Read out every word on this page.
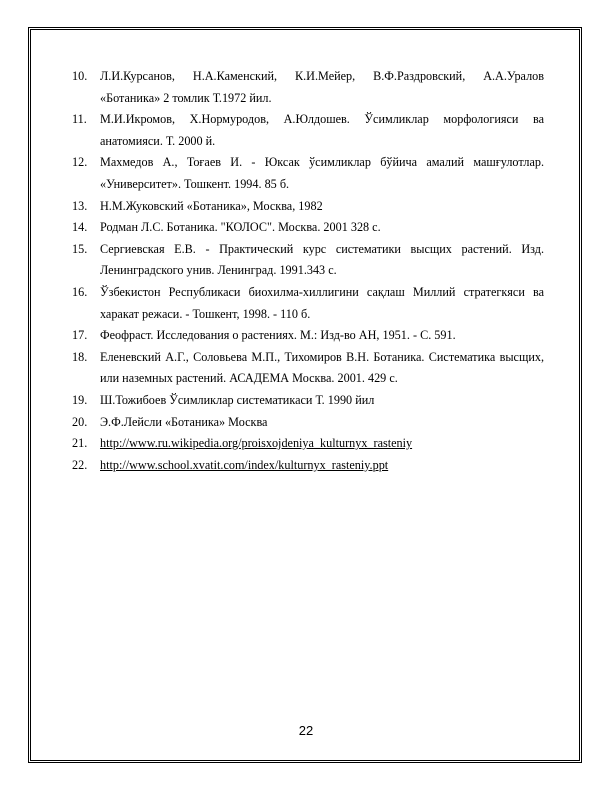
10.	Л.И.Курсанов, Н.А.Каменский, К.И.Мейер, В.Ф.Раздровский, А.А.Уралов «Ботаника» 2 томлик Т.1972 йил.
11.	М.И.Икромов, Х.Нормуродов, А.Юлдошев. Ўсимликлар морфологияси ва анатомияси. Т. 2000 й.
12.	Махмедов А., Тоғаев И. - Юксак ўсимликлар бўйича амалий машғулотлар. «Университет». Тошкент. 1994. 85 б.
13.	Н.М.Жуковский «Ботаника», Москва, 1982
14.	Родман Л.С. Ботаника. "КОЛОС". Москва. 2001 328 с.
15.	Сергиевская Е.В. - Практический курс систематики высщих растений. Изд. Ленинградского унив. Ленинград. 1991.343 с.
16.	Ўзбекистон Республикаси биохилма-хиллигини сақлаш Миллий стратегкяси ва харакат режаси. - Тошкент, 1998. - 110 б.
17.	Феофраст. Исследования о растениях. М.: Изд-во АН, 1951. - С. 591.
18.	Еленевский А.Г., Соловьева М.П., Тихомиров В.Н. Ботаника. Систематика высщих, или наземных растений. АСАДЕМА Москва. 2001. 429 с.
19.	Ш.Тожибоев Ўсимликлар систематикаси Т. 1990 йил
20.	Э.Ф.Лейсли «Ботаника» Москва
21.	http://www.ru.wikipedia.org/proisxojdeniya_kulturnyx_rasteniy
22.	http://www.school.xvatit.com/index/kulturnyx_rasteniy.ppt
22
